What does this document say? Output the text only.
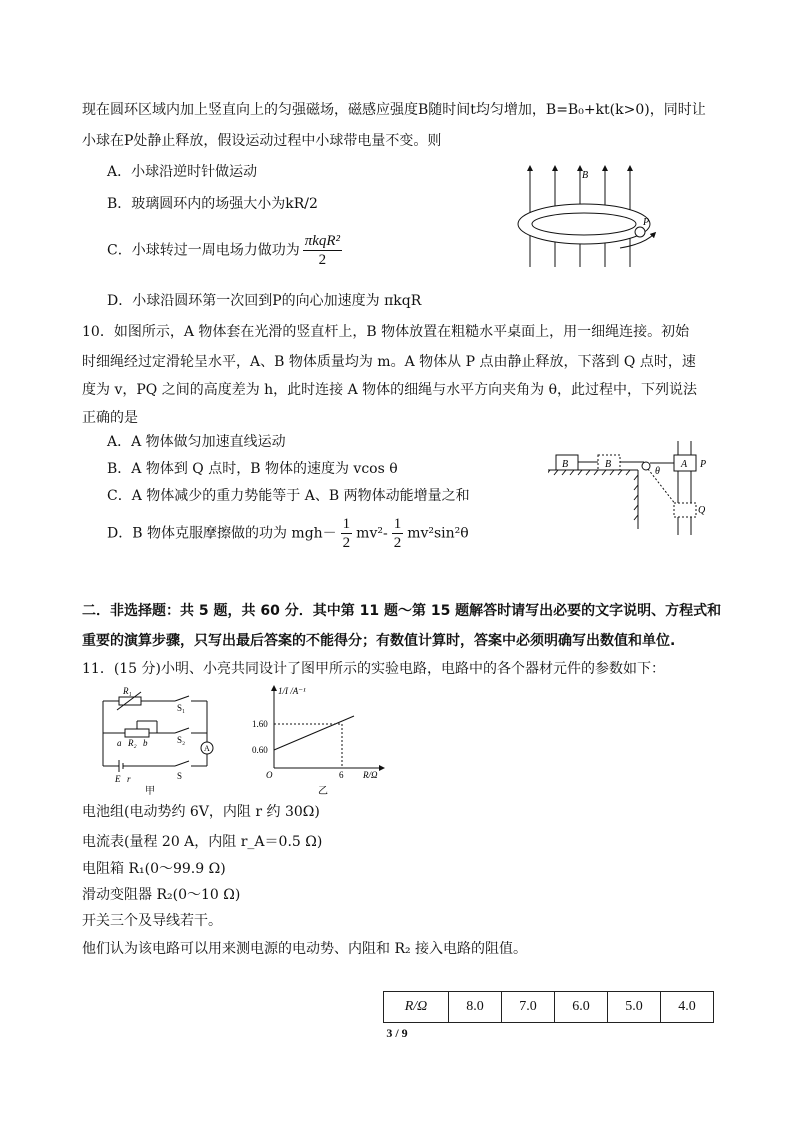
现在圆环区域内加上竖直向上的匀强磁场，磁感应强度B随时间t均匀增加，B=B₀+kt(k>0)，同时让
小球在P处静止释放，假设运动过程中小球带电量不变。则
A．小球沿逆时针做运动
B．玻璃圆环内的场强大小为kR/2
C．小球转过一周电场力做功为 $\frac{\text{πkqR²}}{2}$
D．小球沿圆环第一次回到P的向心加速度为 πkqR
B
P
10．如图所示，A 物体套在光滑的竖直杆上，B 物体放置在粗糙水平桌面上，用一细绳连接。初始
时细绳经过定滑轮呈水平，A、B 物体质量均为 m。A 物体从 P 点由静止释放，下落到 Q 点时，速
度为 v，PQ 之间的高度差为 h，此时连接 A 物体的细绳与水平方向夹角为 θ，此过程中，下列说法
正确的是
A．A 物体做匀加速直线运动
B．A 物体到 Q 点时，B 物体的速度为 vcos θ
C．A 物体减少的重力势能等于 A、B 两物体动能增量之和
D．B 物体克服摩擦做的功为 $mgh- \frac{1}{2} mv^2- \frac{1}{2} mv^2\sin^2\theta$
B	B	A P
Q
θ
二．非选择题：共 5 题，共 60 分．其中第 11 题～第 15 题解答时请写出必要的文字说明、方程式和
重要的演算步骤，只写出最后答案的不能得分；有数值计算时，答案中必须明确写出数值和单位.
11．(15 分)小明、小亮共同设计了图甲所示的实验电路，电路中的各个器材元件的参数如下：
R₁
S₁
a R₂ b	S₂
A
E r	S
甲
1/I /A⁻¹
1.60
0.60
O	6 R/Ω
乙
电池组(电动势约 6V，内阻 r 约 30Ω)
电流表(量程 20 A，内阻 r_A＝0.5 Ω)
电阻箱 R₁(0～99.9 Ω)
滑动变阻器 R₂(0～10 Ω)
开关三个及导线若干。
他们认为该电路可以用来测电源的电动势、内阻和 R₂ 接入电路的阻值。
R/Ω	8.0	7.0	6.0	5.0	4.0
3 / 9
